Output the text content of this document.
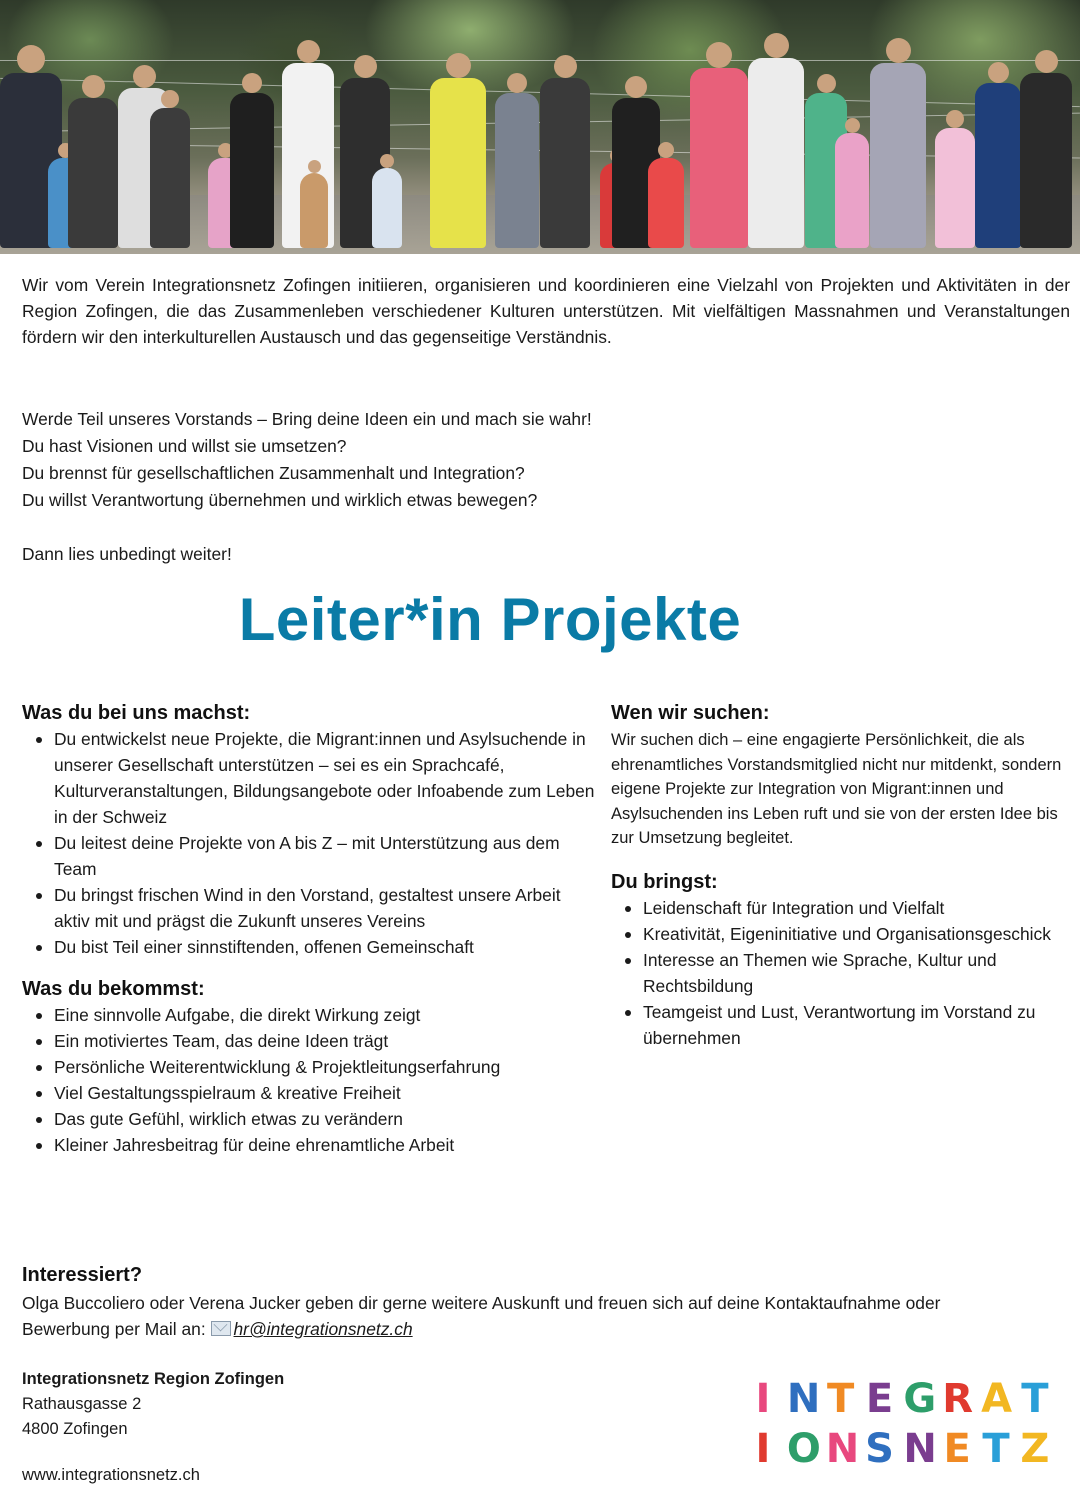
Wir vom Verein Integrationsnetz Zofingen initiieren, organisieren und koordinieren eine Vielzahl von Projekten und Aktivitäten in der Region Zofingen, die das Zusammenleben verschiedener Kulturen unterstützen. Mit vielfältigen Massnahmen und Veranstaltungen fördern wir den interkulturellen Austausch und das gegenseitige Verständnis.

Werde Teil unseres Vorstands – Bring deine Ideen ein und mach sie wahr!
Du hast Visionen und willst sie umsetzen?
Du brennst für gesellschaftlichen Zusammenhalt und Integration?
Du willst Verantwortung übernehmen und wirklich etwas bewegen?
Dann lies unbedingt weiter!
Leiter*in Projekte
Was du bei uns machst:
Du entwickelst neue Projekte, die Migrant:innen und Asylsuchende in unserer Gesellschaft unterstützen – sei es ein Sprachcafé, Kulturveranstaltungen, Bildungsangebote oder Infoabende zum Leben in der Schweiz
Du leitest deine Projekte von A bis Z – mit Unterstützung aus dem Team
Du bringst frischen Wind in den Vorstand, gestaltest unsere Arbeit aktiv mit und prägst die Zukunft unseres Vereins
Du bist Teil einer sinnstiftenden, offenen Gemeinschaft
Was du bekommst:
Eine sinnvolle Aufgabe, die direkt Wirkung zeigt
Ein motiviertes Team, das deine Ideen trägt
Persönliche Weiterentwicklung & Projektleitungserfahrung
Viel Gestaltungsspielraum & kreative Freiheit
Das gute Gefühl, wirklich etwas zu verändern
Kleiner Jahresbeitrag für deine ehrenamtliche Arbeit
Wen wir suchen:

Wir suchen dich – eine engagierte Persönlichkeit, die als ehrenamtliches Vorstandsmitglied nicht nur mitdenkt, sondern eigene Projekte zur Integration von Migrant:innen und Asylsuchenden ins Leben ruft und sie von der ersten Idee bis zur Umsetzung begleitet.

Du bringst:
Leidenschaft für Integration und Vielfalt
Kreativität, Eigeninitiative und Organisationsgeschick
Interesse an Themen wie Sprache, Kultur und Rechtsbildung
Teamgeist und Lust, Verantwortung im Vorstand zu übernehmen
Interessiert?

Olga Buccoliero oder Verena Jucker geben dir gerne weitere Auskunft und freuen sich auf deine Kontaktaufnahme oder Bewerbung per Mail an: hr@integrationsnetz.ch

Integrationsnetz Region Zofingen
Rathausgasse 2
4800 Zofingen
www.integrationsnetz.ch
I N T E G R A T
I O N S N E T Z
